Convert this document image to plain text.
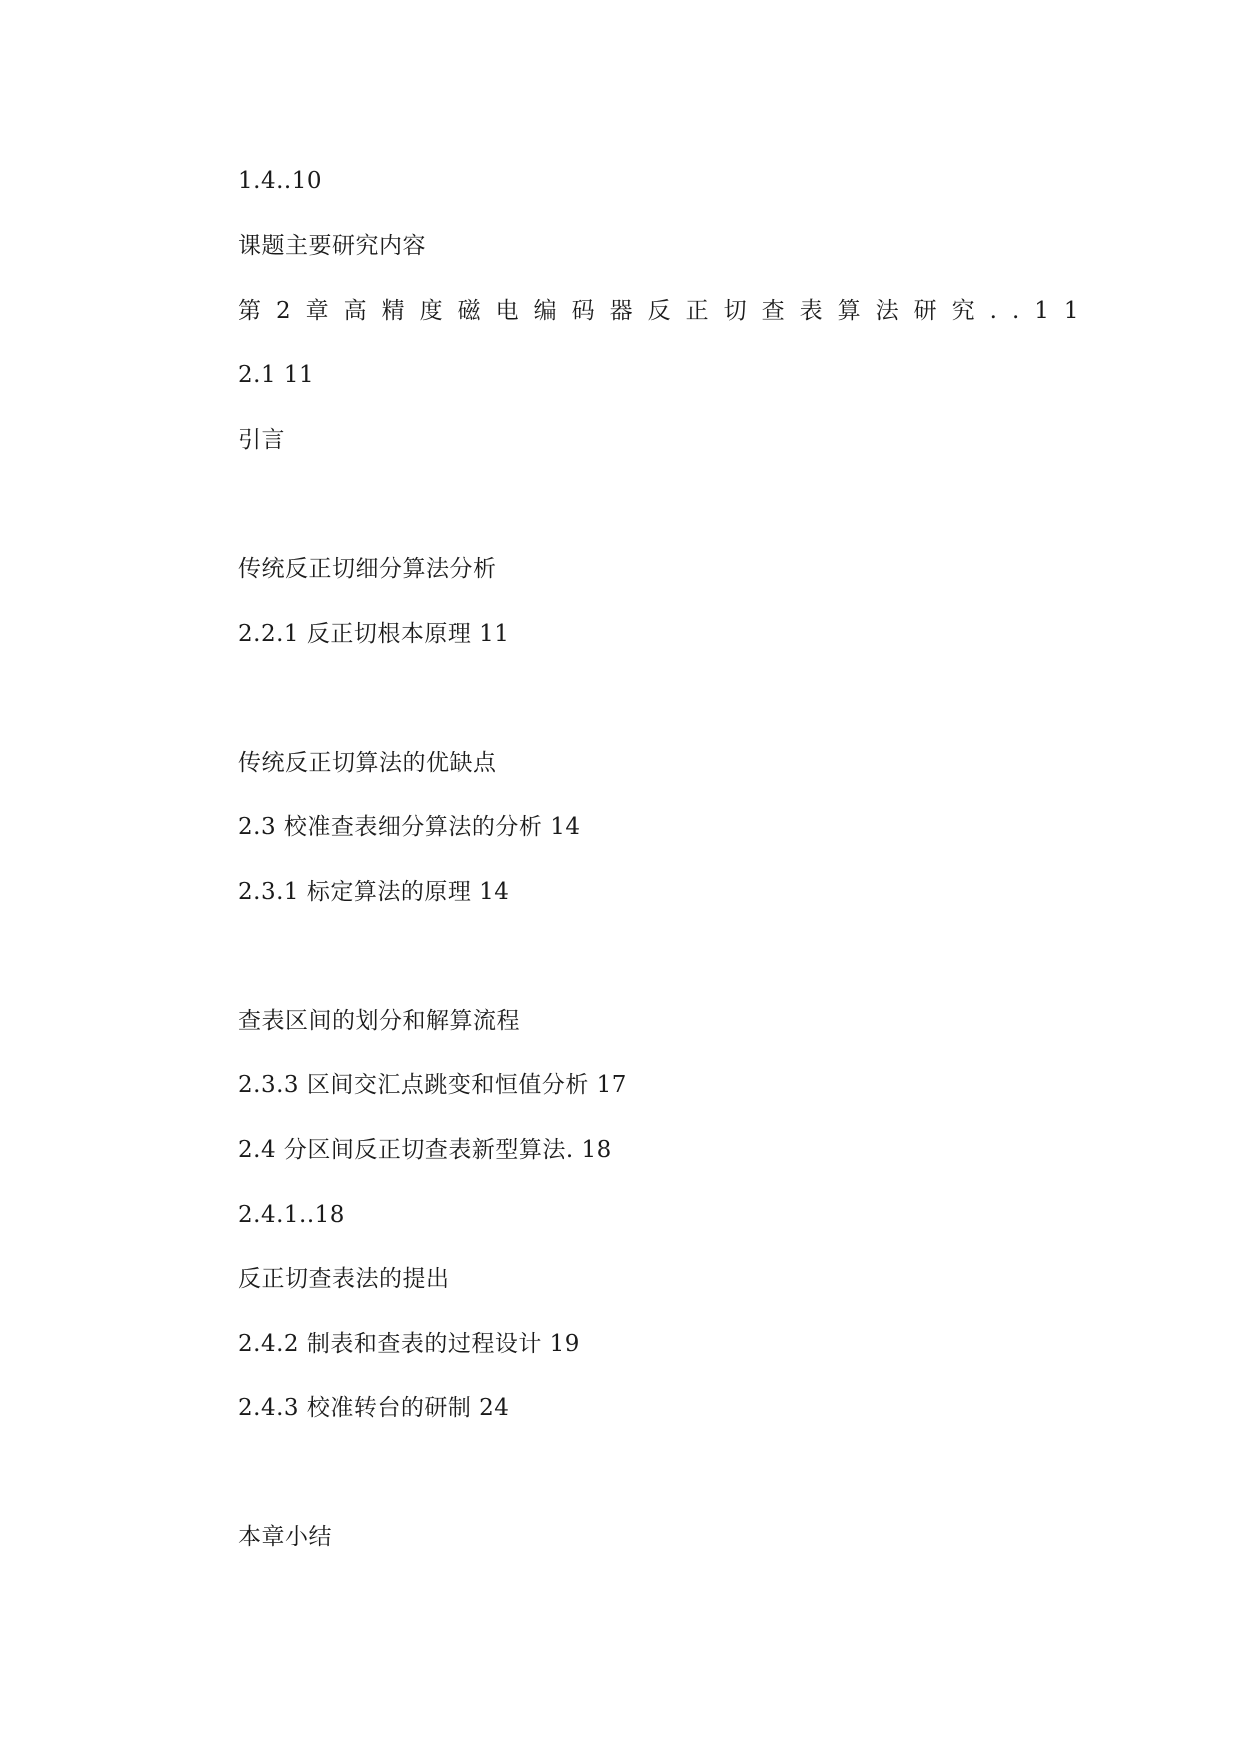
1.4..10
课题主要研究内容
第2章高精度磁电编码器反正切查表算法研究..11
2.1 11
引言
传统反正切细分算法分析
2.2.1 反正切根本原理 11
传统反正切算法的优缺点
2.3 校准查表细分算法的分析 14
2.3.1 标定算法的原理 14
查表区间的划分和解算流程
2.3.3 区间交汇点跳变和恒值分析 17
2.4 分区间反正切查表新型算法. 18
2.4.1..18
反正切查表法的提出
2.4.2 制表和查表的过程设计 19
2.4.3 校准转台的研制 24
本章小结
